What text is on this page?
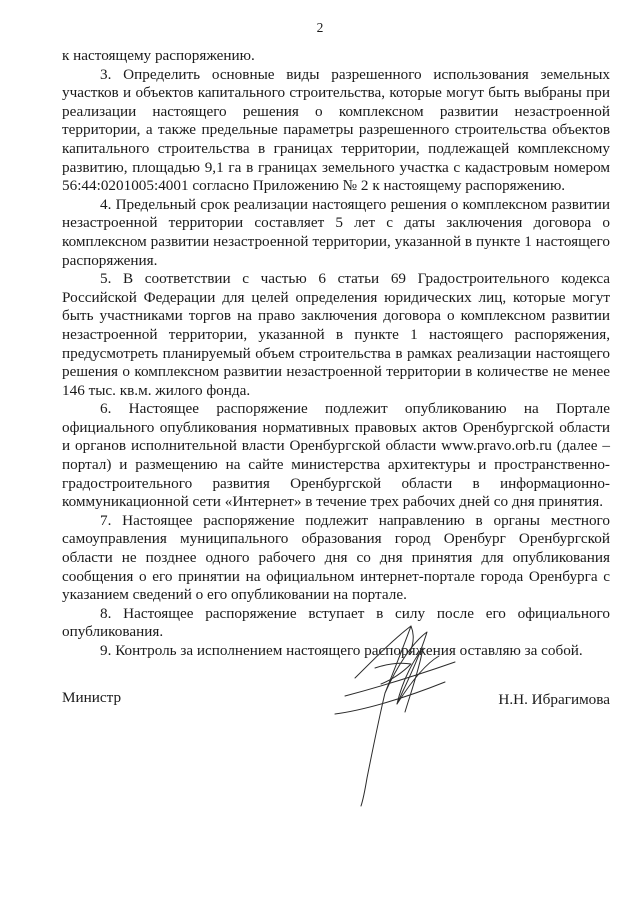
2

к настоящему распоряжению.

3. Определить основные виды разрешенного использования земельных участков и объектов капитального строительства, которые могут быть выбраны при реализации настоящего решения о комплексном развитии незастроенной территории, а также предельные параметры разрешенного строительства объектов капитального строительства в границах территории, подлежащей комплексному развитию, площадью 9,1 га в границах земельного участка с кадастровым номером 56:44:0201005:4001 согласно Приложению № 2 к настоящему распоряжению.

4. Предельный срок реализации настоящего решения о комплексном развитии незастроенной территории составляет 5 лет с даты заключения договора о комплексном развитии незастроенной территории, указанной в пункте 1 настоящего распоряжения.

5. В соответствии с частью 6 статьи 69 Градостроительного кодекса Российской Федерации для целей определения юридических лиц, которые могут быть участниками торгов на право заключения договора о комплексном развитии незастроенной территории, указанной в пункте 1 настоящего распоряжения, предусмотреть планируемый объем строительства в рамках реализации настоящего решения о комплексном развитии незастроенной территории в количестве не менее 146 тыс. кв.м. жилого фонда.

6. Настоящее распоряжение подлежит опубликованию на Портале официального опубликования нормативных правовых актов Оренбургской области и органов исполнительной власти Оренбургской области www.pravo.orb.ru (далее – портал) и размещению на сайте министерства архитектуры и пространственно-градостроительного развития Оренбургской области в информационно-коммуникационной сети «Интернет» в течение трех рабочих дней со дня принятия.

7. Настоящее распоряжение подлежит направлению в органы местного самоуправления муниципального образования город Оренбург Оренбургской области не позднее одного рабочего дня со дня принятия для опубликования сообщения о его принятии на официальном интернет-портале города Оренбурга с указанием сведений о его опубликовании на портале.

8. Настоящее распоряжение вступает в силу после его официального опубликования.

9. Контроль за исполнением настоящего распоряжения оставляю за собой.

Министр	Н.Н. Ибрагимова
